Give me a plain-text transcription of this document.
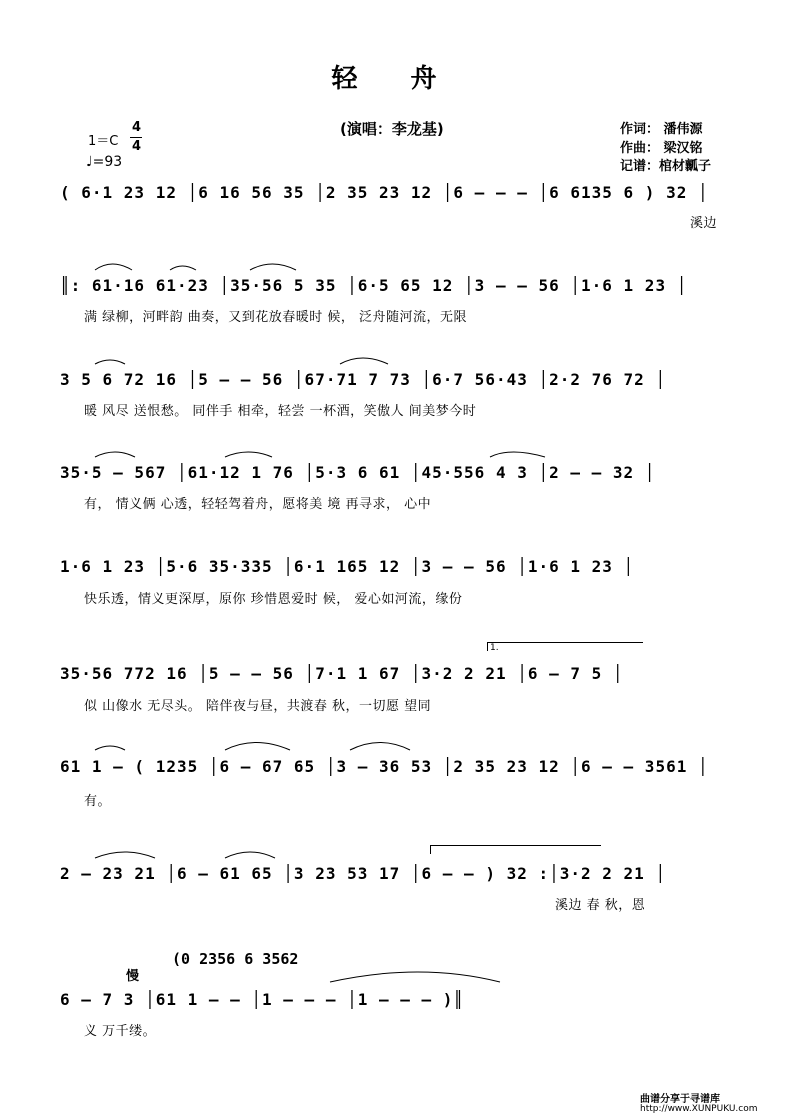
轻 舟
(演唱：李龙基)	作词： 潘伟源
作曲： 梁汉铭
记谱：棺材瓤子
1＝C
4
4
♩=93
( 6·1 23 12 │6 16 56 35 │2 35 23 12 │6 — — — │6 6135 6 ) 32 │
溪边
║: 61·16 61·23 │35·56 5 35 │6·5 65 12 │3 — — 56 │1·6 1 23 │
满 绿柳，河畔韵 曲奏，又到花放春暖时 候， 泛舟随河流，无限
3 5 6 72 16 │5 — — 56 │67·71 7 73 │6·7 56·43 │2·2 76 72 │
暖 风尽 送恨愁。 同伴手 相牵，轻尝 一杯酒，笑傲人 间美梦今时
35·5 — 567 │61·12 1 76 │5·3 6 61 │45·556 4 3 │2 — — 32 │
有， 情义俩 心透，轻轻驾着舟，愿将美 境 再寻求， 心中
1·6 1 23 │5·6 35·335 │6·1 165 12 │3 — — 56 │1·6 1 23 │
快乐透，情义更深厚，原你 珍惜恩爱时 候， 爱心如河流，缘份
1.
35·56 772 16 │5 — — 56 │7·1 1 67 │3·2 2 21 │6 — 7 5 │
似 山像水 无尽头。 陪伴夜与昼，共渡春 秋，一切愿 望同
61 1 — ( 1235 │6 — 67 65 │3 — 36 53 │2 35 23 12 │6 — — 3561 │
有。
2 — 23 21 │6 — 61 65 │3 23 53 17 │6 — — ) 32 :│3·2 2 21 │
溪边 春 秋，恩
慢
(0 2356 6 3562
6 — 7 3 │61 1 — — │1 — — — │1 — — — )║
义 万千缕。
曲谱分享于寻谱库
http://www.XUNPUKU.com
